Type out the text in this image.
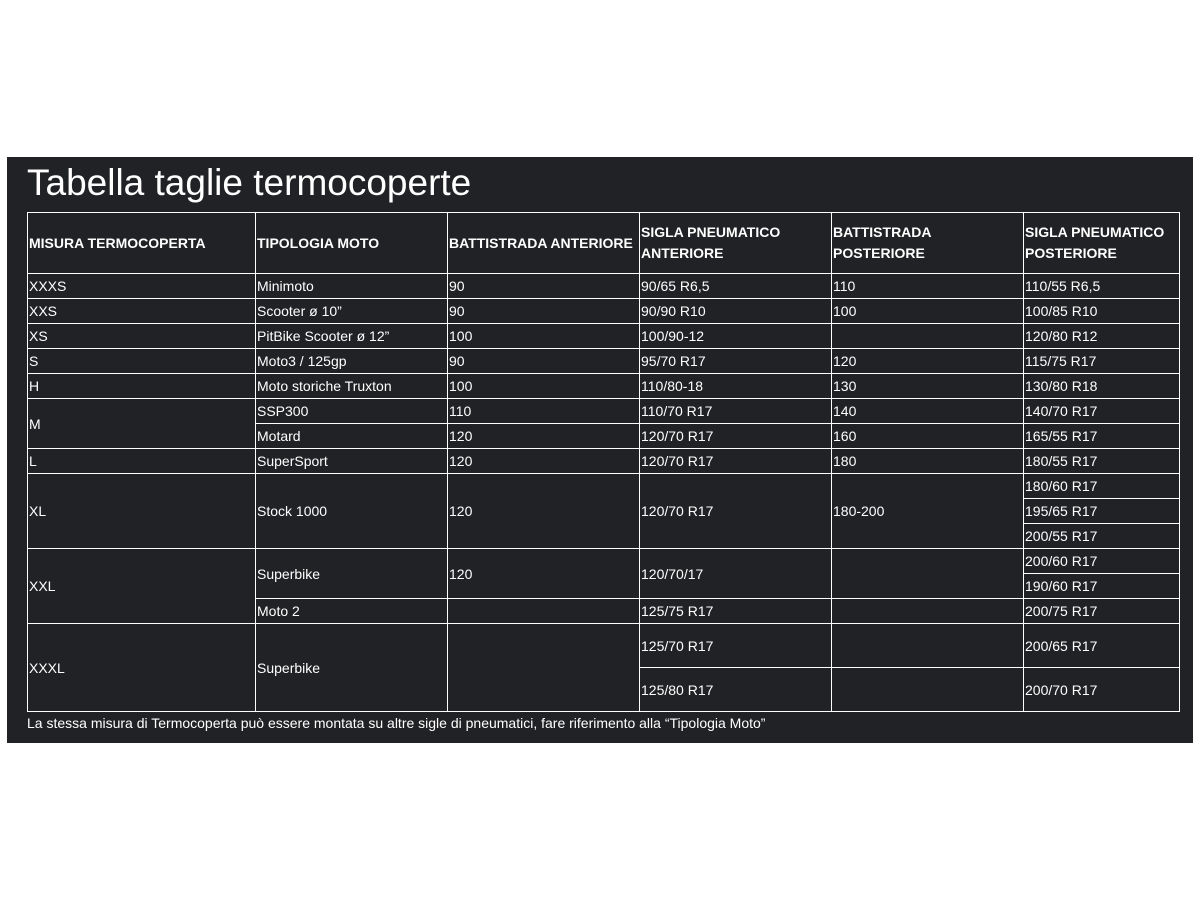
Tabella taglie termocoperte
MISURA TERMOCOPERTA	TIPOLOGIA MOTO	BATTISTRADA ANTERIORE	SIGLA PNEUMATICO ANTERIORE	BATTISTRADA POSTERIORE	SIGLA PNEUMATICO POSTERIORE
XXXS	Minimoto	90	90/65 R6,5	110	110/55 R6,5
XXS	Scooter ø 10”	90	90/90 R10	100	100/85 R10
XS	PitBike Scooter ø 12”	100	100/90-12		120/80 R12
S	Moto3 / 125gp	90	95/70 R17	120	115/75 R17
H	Moto storiche Truxton	100	110/80-18	130	130/80 R18
M	SSP300	110	110/70 R17	140	140/70 R17
	Motard	120	120/70 R17	160	165/55 R17
L	SuperSport	120	120/70 R17	180	180/55 R17
XL	Stock 1000	120	120/70 R17	180-200	180/60 R17
					195/65 R17
					200/55 R17
XXL	Superbike	120	120/70/17		200/60 R17
					190/60 R17
	Moto 2		125/75 R17		200/75 R17
XXXL	Superbike		125/70 R17		200/65 R17
			125/80 R17		200/70 R17

La stessa misura di Termocoperta può essere montata su altre sigle di pneumatici, fare riferimento alla “Tipologia Moto”
